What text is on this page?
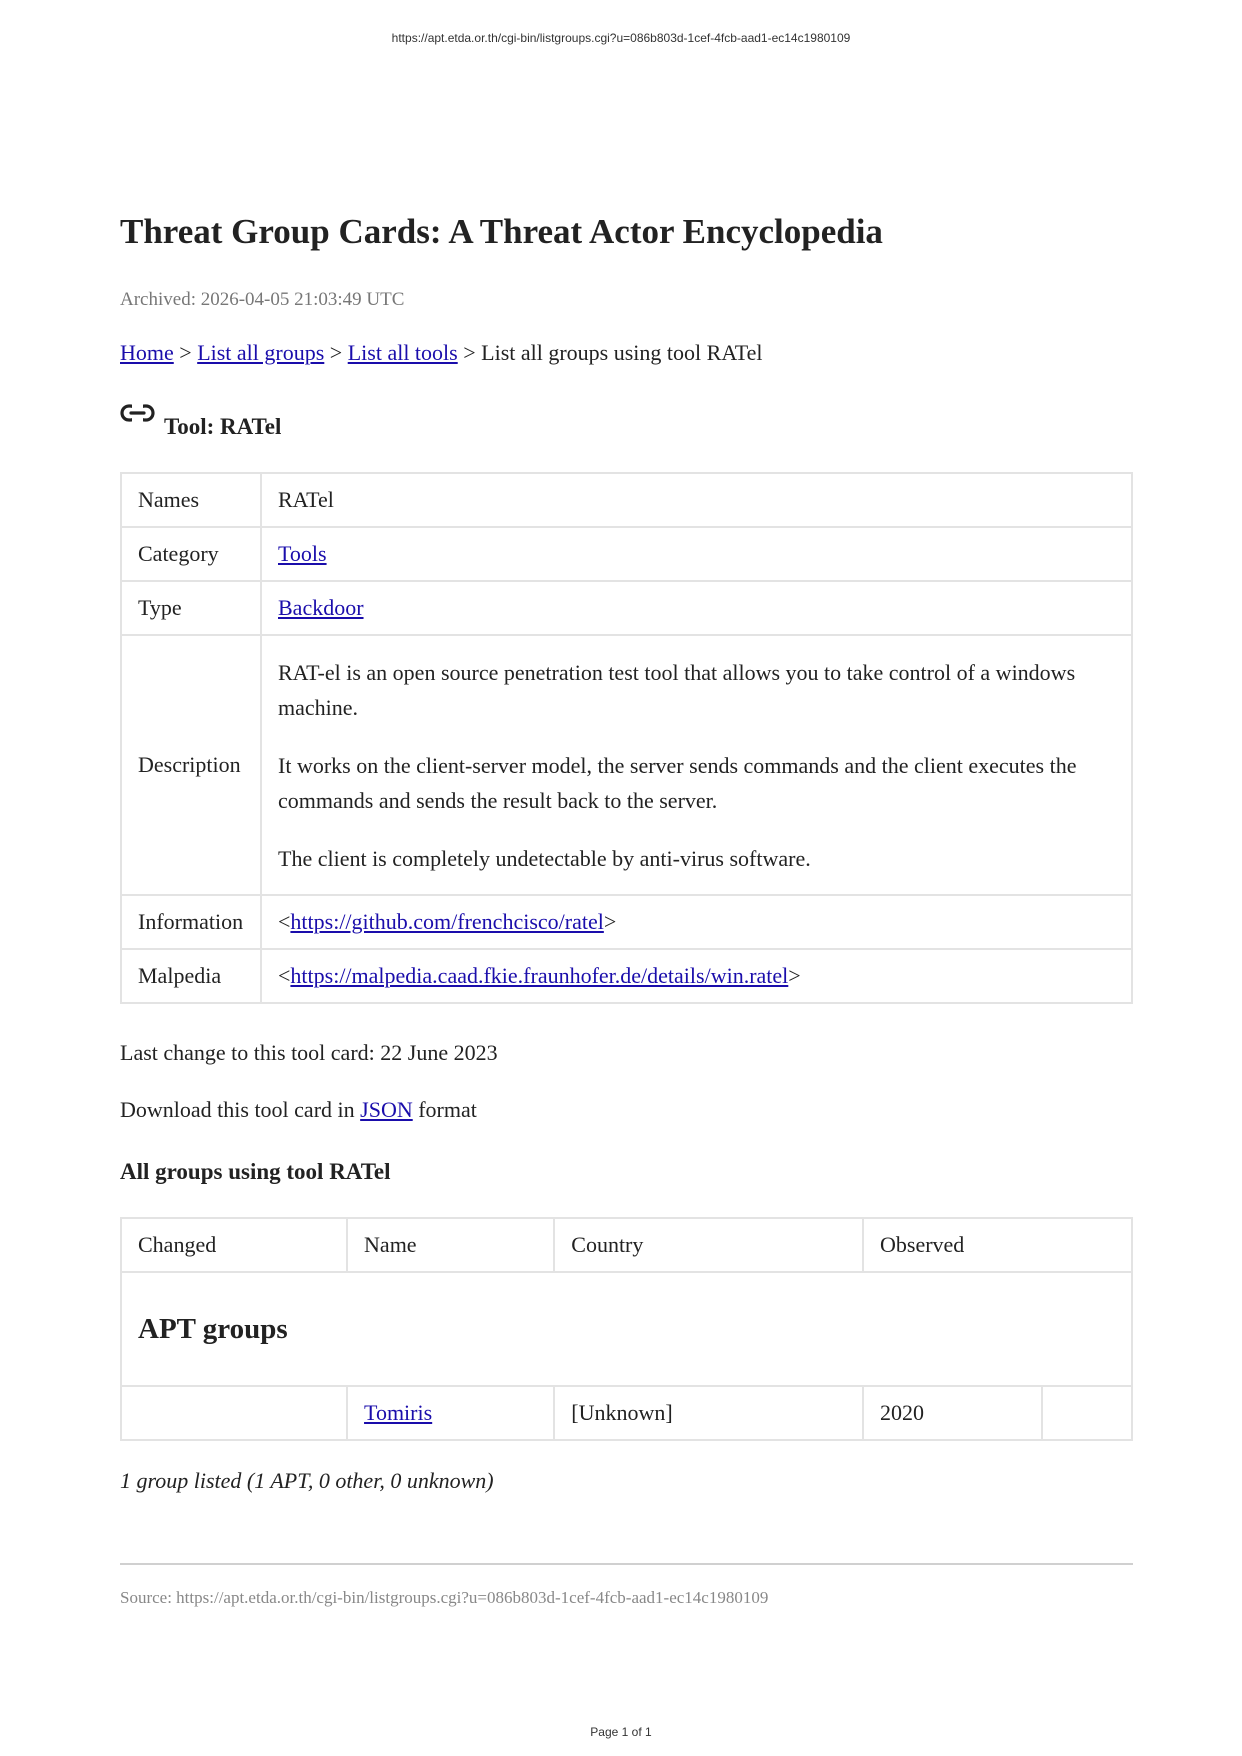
https://apt.etda.or.th/cgi-bin/listgroups.cgi?u=086b803d-1cef-4fcb-aad1-ec14c1980109
Threat Group Cards: A Threat Actor Encyclopedia
Archived: 2026-04-05 21:03:49 UTC
Home > List all groups > List all tools > List all groups using tool RATel
Tool: RATel
Names	RATel
Category	Tools
Type	Backdoor
Description	RAT-el is an open source penetration test tool that allows you to take control of a windows machine.

It works on the client-server model, the server sends commands and the client executes the commands and sends the result back to the server.

The client is completely undetectable by anti-virus software.

Information	<https://github.com/frenchcisco/ratel>
Malpedia	<https://malpedia.caad.fkie.fraunhofer.de/details/win.ratel>
Last change to this tool card: 22 June 2023
Download this tool card in JSON format
All groups using tool RATel
Changed	Name	Country	Observed	
APT groups				
	Tomiris	[Unknown]	2020	
1 group listed (1 APT, 0 other, 0 unknown)
Source: https://apt.etda.or.th/cgi-bin/listgroups.cgi?u=086b803d-1cef-4fcb-aad1-ec14c1980109
Page 1 of 1
